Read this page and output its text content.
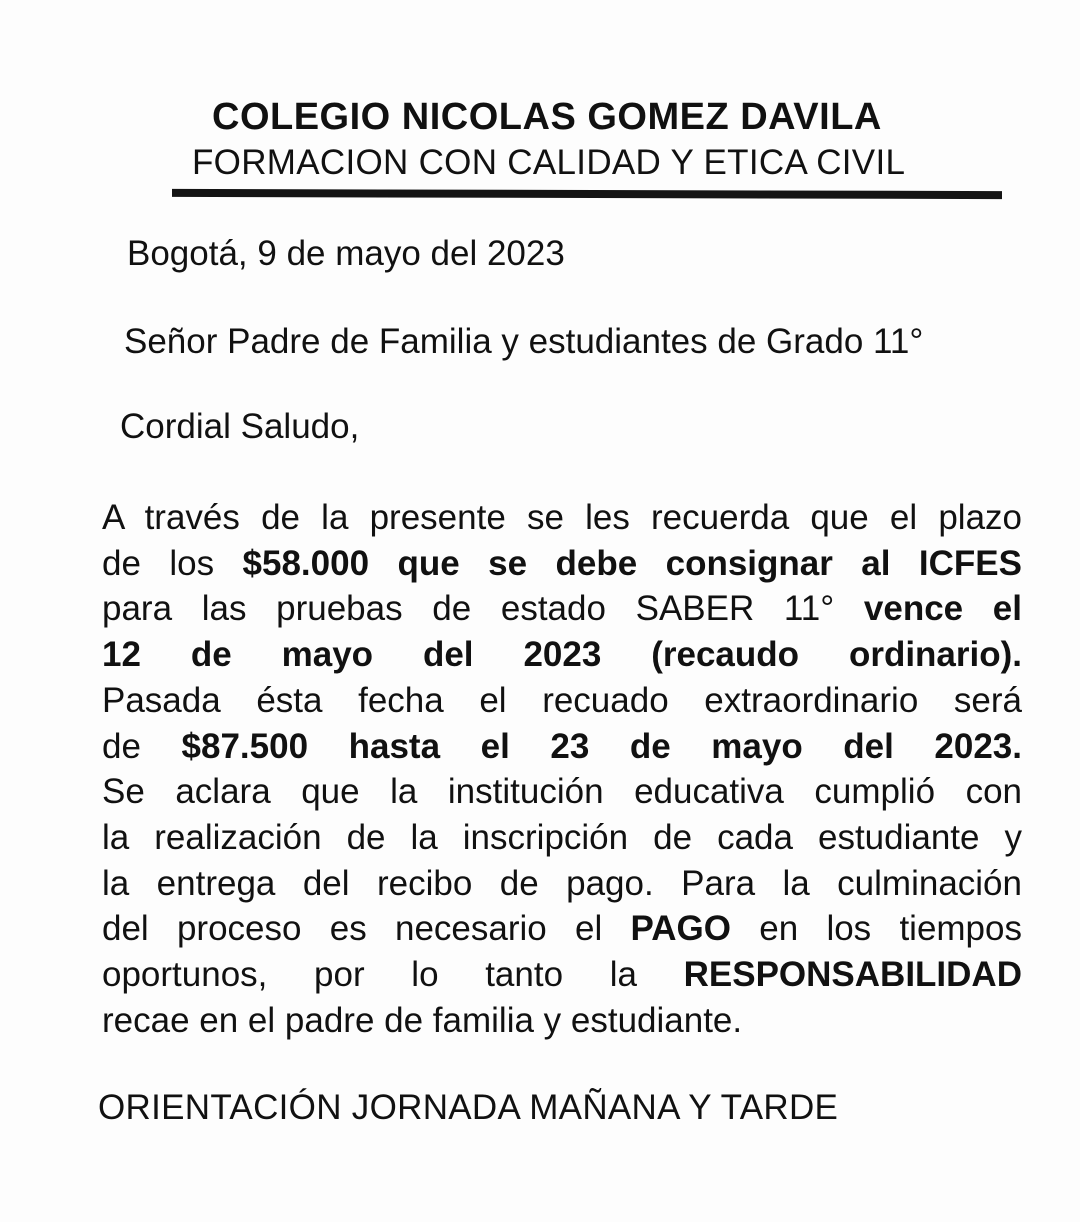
COLEGIO NICOLAS GOMEZ DAVILA
FORMACION CON CALIDAD Y ETICA CIVIL
Bogotá, 9 de mayo del 2023
Señor Padre de Familia y estudiantes de Grado 11°
Cordial Saludo,
A través de la presente se les recuerda que el plazo
de los $58.000 que se debe consignar al ICFES
para las pruebas de estado SABER 11° vence el
12 de mayo del 2023 (recaudo ordinario).
Pasada ésta fecha el recuado extraordinario será
de $87.500 hasta el 23 de mayo del 2023.
Se aclara que la institución educativa cumplió con
la realización de la inscripción de cada estudiante y
la entrega del recibo de pago. Para la culminación
del proceso es necesario el PAGO en los tiempos
oportunos, por lo tanto la RESPONSABILIDAD
recae en el padre de familia y estudiante.
ORIENTACIÓN JORNADA MAÑANA Y TARDE
